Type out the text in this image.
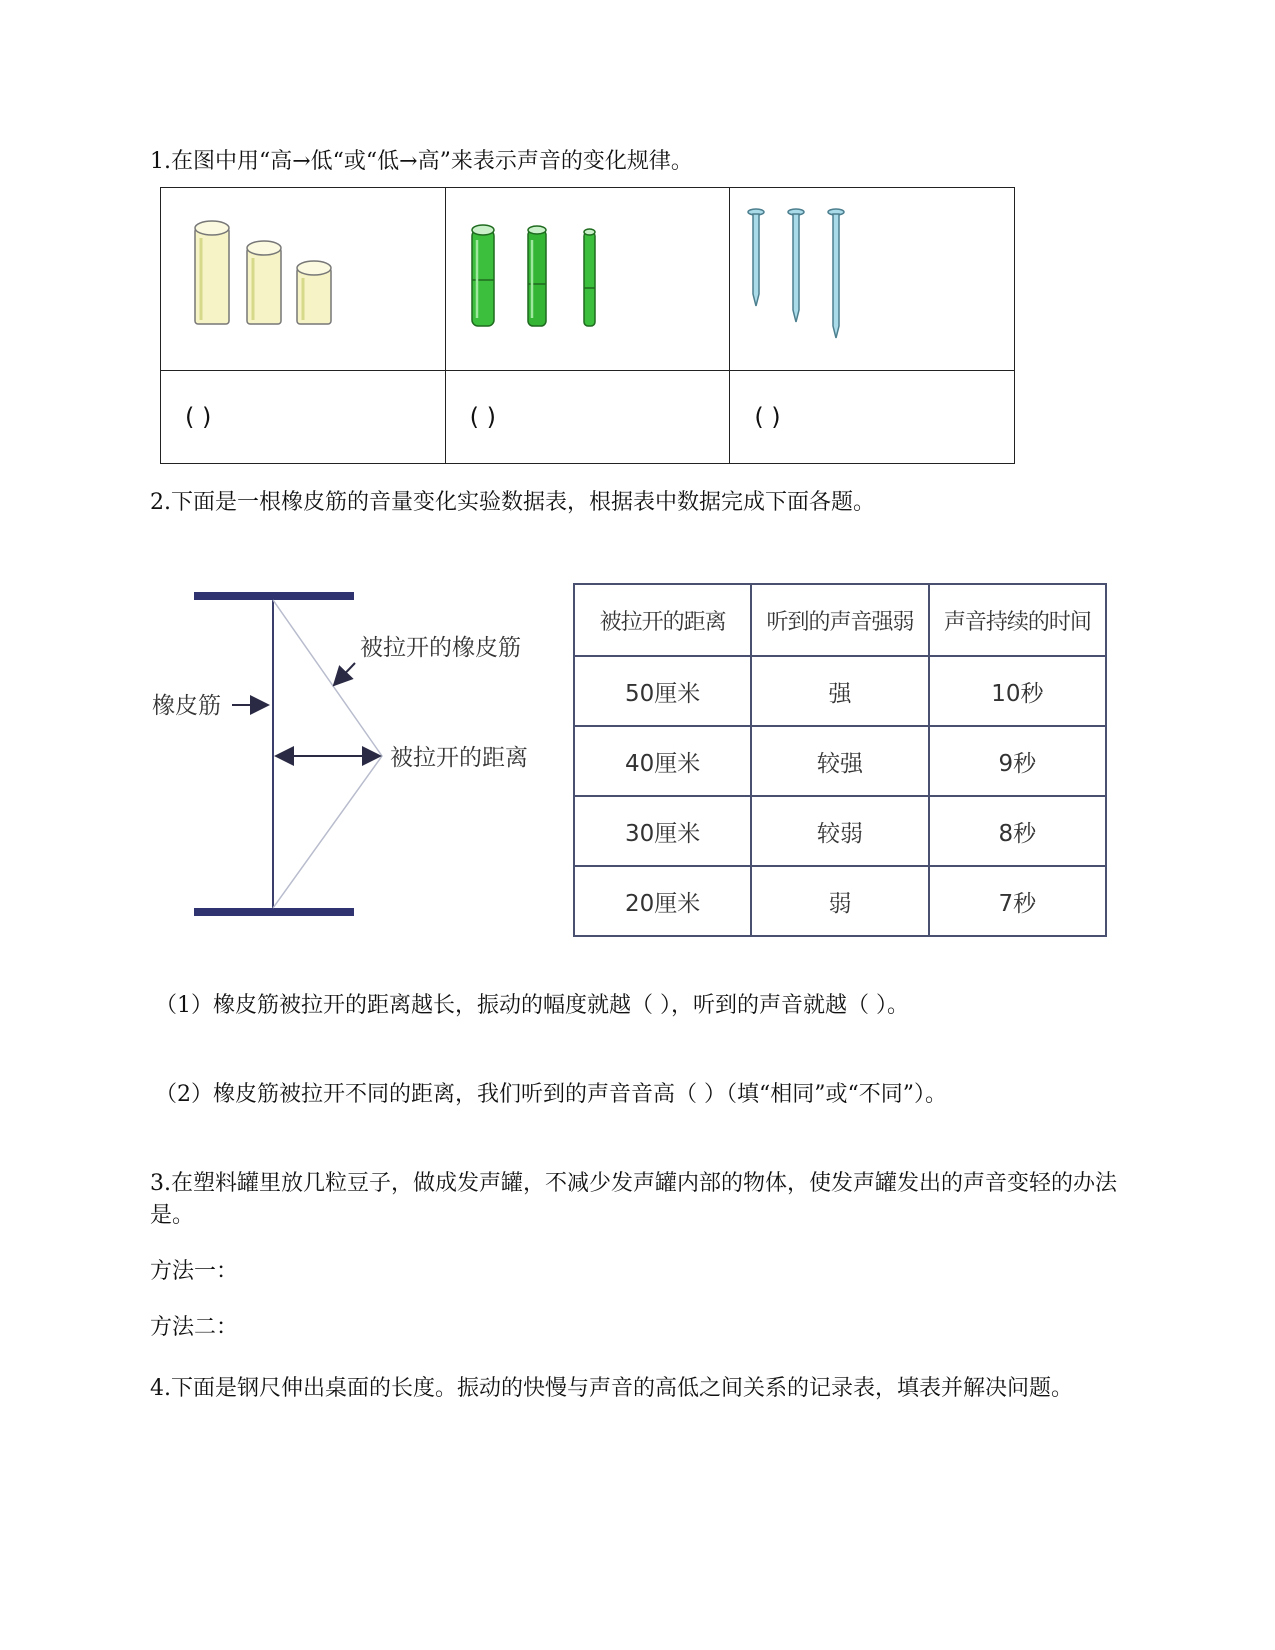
1.在图中用“高→低“或“低→高”来表示声音的变化规律。

( )	( )	( )

2.下面是一根橡皮筋的音量变化实验数据表，根据表中数据完成下面各题。

橡皮筋
被拉开的橡皮筋
被拉开的距离
被拉开的距离	听到的声音强弱	声音持续的时间
50厘米	强	10秒
40厘米	较强	9秒
30厘米	较弱	8秒
20厘米	弱	7秒

（1）橡皮筋被拉开的距离越长，振动的幅度就越（ ），听到的声音就越（ ）。

（2）橡皮筋被拉开不同的距离，我们听到的声音音高（ ）（填“相同”或“不同”）。

3.在塑料罐里放几粒豆子，做成发声罐，不减少发声罐内部的物体，使发声罐发出的声音变轻的办法是。

方法一：

方法二：

4.下面是钢尺伸出桌面的长度。振动的快慢与声音的高低之间关系的记录表，填表并解决问题。
